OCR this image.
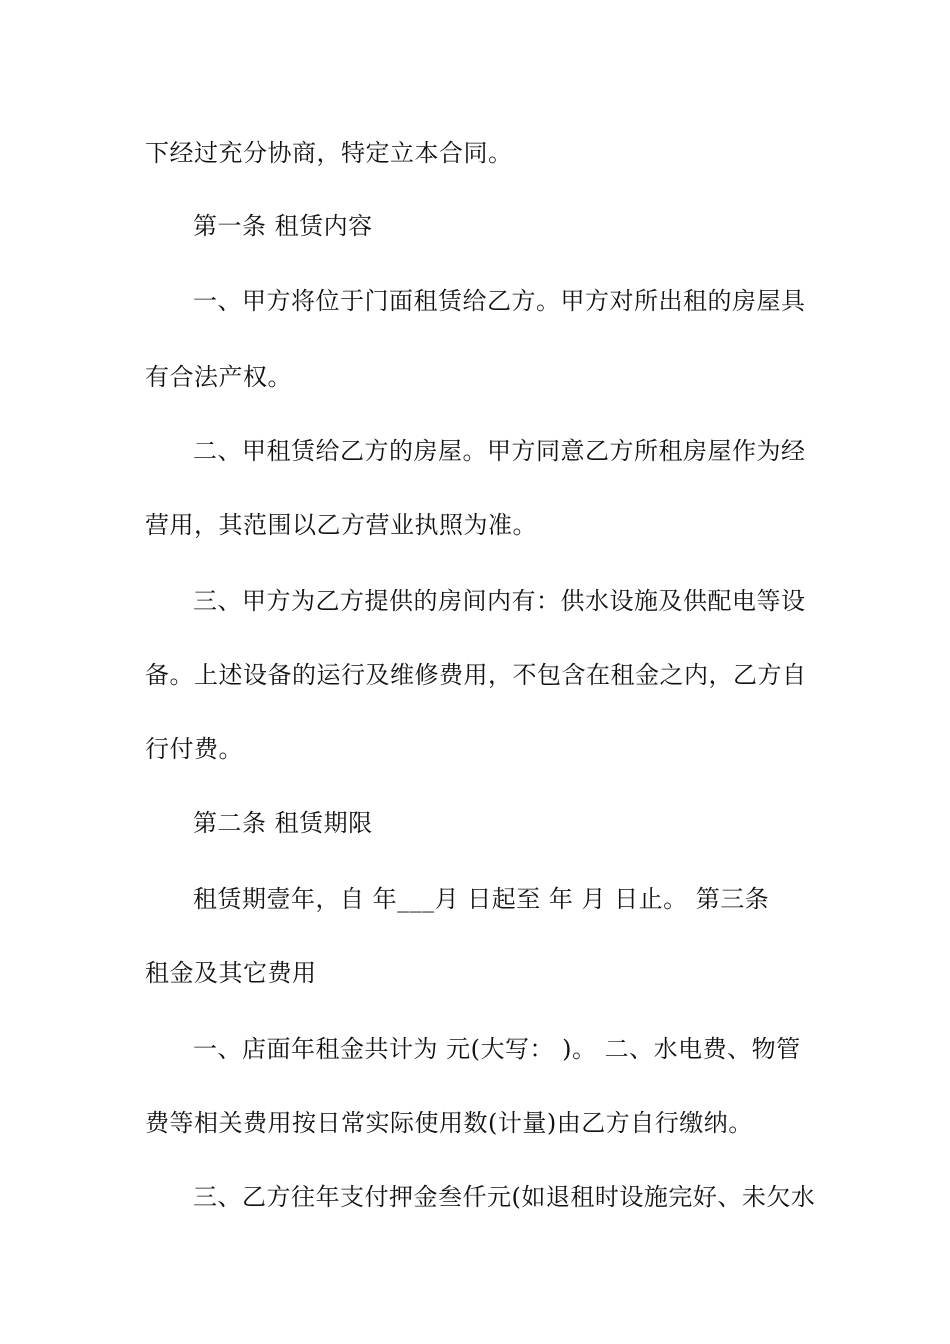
下经过充分协商，特定立本合同。
第一条 租赁内容
一、甲方将位于门面租赁给乙方。甲方对所出租的房屋具
有合法产权。
二、甲租赁给乙方的房屋。甲方同意乙方所租房屋作为经
营用，其范围以乙方营业执照为准。
三、甲方为乙方提供的房间内有：供水设施及供配电等设
备。上述设备的运行及维修费用，不包含在租金之内，乙方自
行付费。
第二条 租赁期限
租赁期壹年，自 年___月 日起至 年 月 日止。 第三条
租金及其它费用
一、店面年租金共计为 元(大写： )。 二、水电费、物管
费等相关费用按日常实际使用数(计量)由乙方自行缴纳。
三、乙方往年支付押金叁仟元(如退租时设施完好、未欠水
